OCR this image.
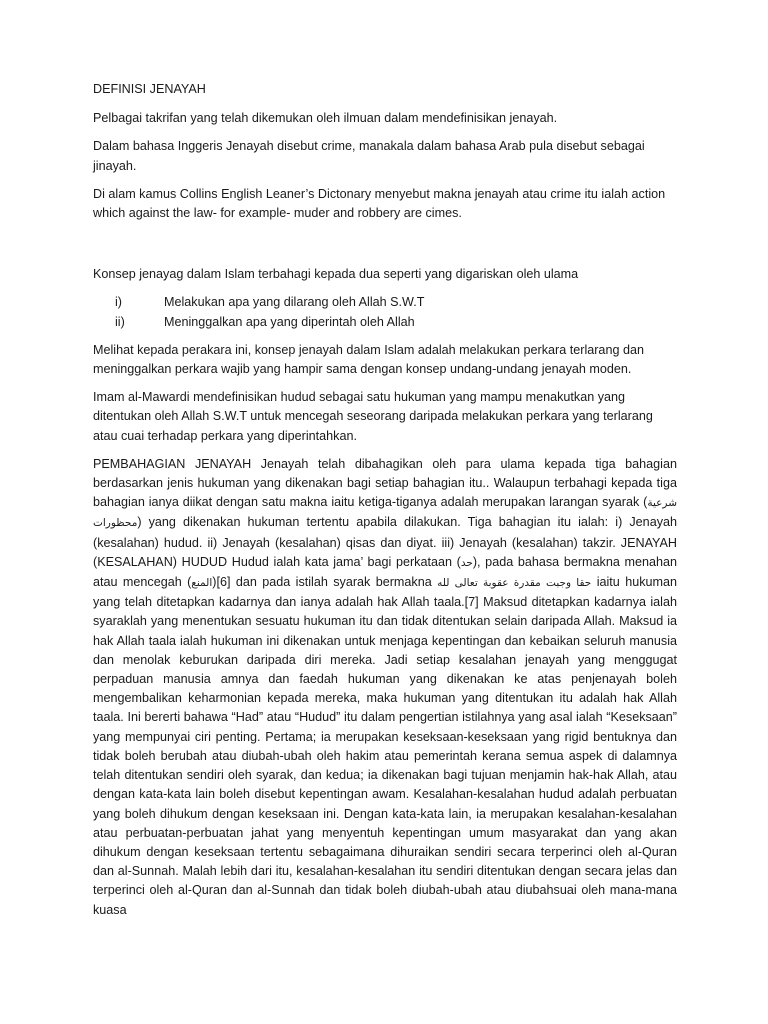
DEFINISI JENAYAH

Pelbagai takrifan yang telah dikemukan oleh ilmuan dalam mendefinisikan jenayah.

Dalam bahasa Inggeris Jenayah disebut crime, manakala dalam bahasa Arab pula disebut sebagai jinayah.

Di alam kamus Collins English Leaner’s Dictonary menyebut makna jenayah atau crime itu ialah action which against the law- for example- muder and robbery are cimes.

Konsep jenayag dalam Islam terbahagi kepada dua seperti yang digariskan oleh ulama

i)	Melakukan apa yang dilarang oleh Allah S.W.T
ii)	Meninggalkan apa yang diperintah oleh Allah

Melihat kepada perakara ini, konsep jenayah dalam Islam adalah melakukan perkara terlarang dan meninggalkan perkara wajib yang hampir sama dengan konsep undang-undang jenayah moden.

Imam al-Mawardi mendefinisikan hudud sebagai satu hukuman yang mampu menakutkan yang ditentukan oleh Allah S.W.T untuk mencegah seseorang daripada melakukan perkara yang terlarang atau cuai terhadap perkara yang diperintahkan.

PEMBAHAGIAN JENAYAH Jenayah telah dibahagikan oleh para ulama kepada tiga bahagian berdasarkan jenis hukuman yang dikenakan bagi setiap bahagian itu.. Walaupun terbahagi kepada tiga bahagian ianya diikat dengan satu makna iaitu ketiga-tiganya adalah merupakan larangan syarak (شرعية محظورات) yang dikenakan hukuman tertentu apabila dilakukan. Tiga bahagian itu ialah: i) Jenayah (kesalahan) hudud. ii) Jenayah (kesalahan) qisas dan diyat. iii) Jenayah (kesalahan) takzir. JENAYAH (KESALAHAN) HUDUD Hudud ialah kata jama’ bagi perkataan (حد), pada bahasa bermakna menahan atau mencegah (المنع)[6] dan pada istilah syarak bermakna حقا وجبت مقدرة عقوبة تعالى لله iaitu hukuman yang telah ditetapkan kadarnya dan ianya adalah hak Allah taala.[7] Maksud ditetapkan kadarnya ialah syaraklah yang menentukan sesuatu hukuman itu dan tidak ditentukan selain daripada Allah. Maksud ia hak Allah taala ialah hukuman ini dikenakan untuk menjaga kepentingan dan kebaikan seluruh manusia dan menolak keburukan daripada diri mereka. Jadi setiap kesalahan jenayah yang menggugat perpaduan manusia amnya dan faedah hukuman yang dikenakan ke atas penjenayah boleh mengembalikan keharmonian kepada mereka, maka hukuman yang ditentukan itu adalah hak Allah taala. Ini bererti bahawa “Had” atau “Hudud” itu dalam pengertian istilahnya yang asal ialah “Keseksaan” yang mempunyai ciri penting. Pertama; ia merupakan keseksaan-keseksaan yang rigid bentuknya dan tidak boleh berubah atau diubah-ubah oleh hakim atau pemerintah kerana semua aspek di dalamnya telah ditentukan sendiri oleh syarak, dan kedua; ia dikenakan bagi tujuan menjamin hak-hak Allah, atau dengan kata-kata lain boleh disebut kepentingan awam. Kesalahan-kesalahan hudud adalah perbuatan yang boleh dihukum dengan keseksaan ini. Dengan kata-kata lain, ia merupakan kesalahan-kesalahan atau perbuatan-perbuatan jahat yang menyentuh kepentingan umum masyarakat dan yang akan dihukum dengan keseksaan tertentu sebagaimana dihuraikan sendiri secara terperinci oleh al-Quran dan al-Sunnah. Malah lebih dari itu, kesalahan-kesalahan itu sendiri ditentukan dengan secara jelas dan terperinci oleh al-Quran dan al-Sunnah dan tidak boleh diubah-ubah atau diubahsuai oleh mana-mana kuasa
